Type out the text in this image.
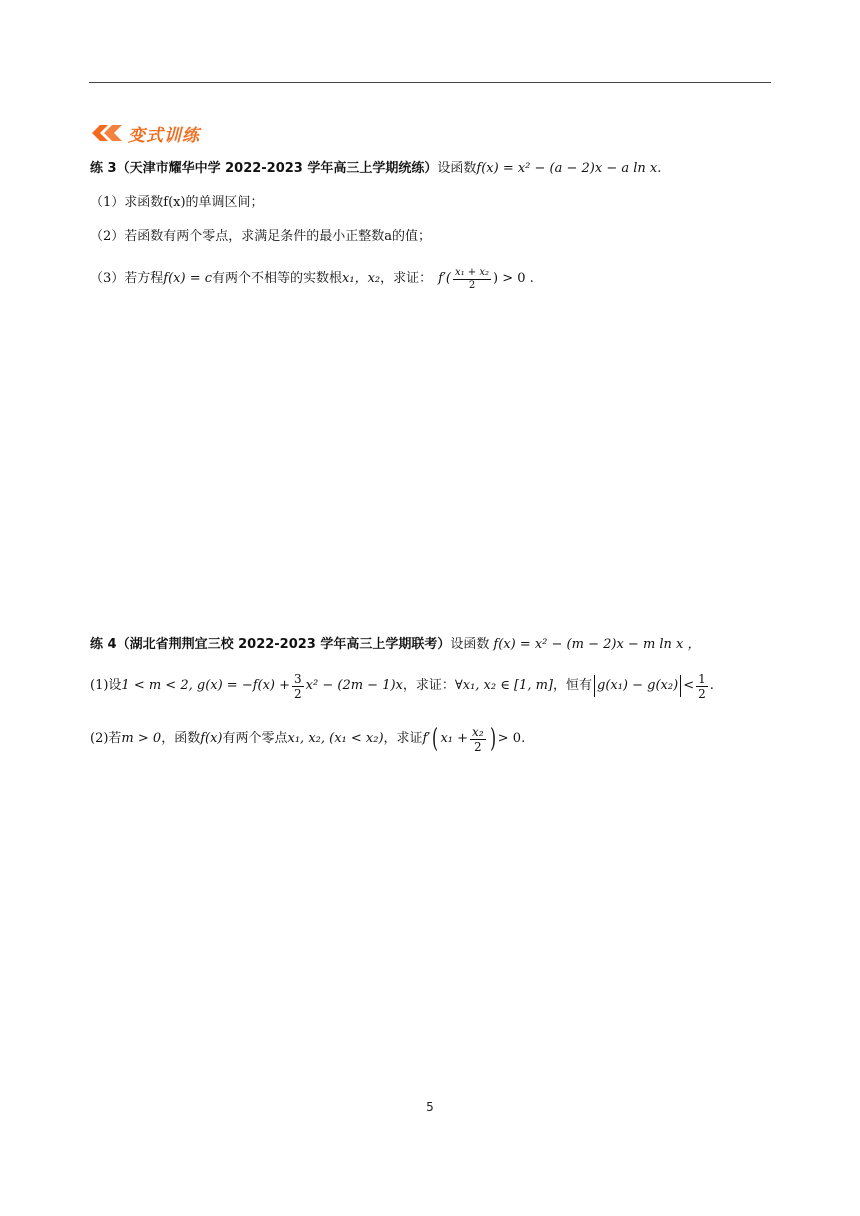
变式训练
练 3（天津市耀华中学 2022-2023 学年高三上学期统练） 设函数 f(x) = x² − (a − 2)x − a ln x.
（1）求函数f(x)的单调区间；
（2）若函数有两个零点，求满足条件的最小正整数a的值；
（3）若方程 f(x) = c 有两个不相等的实数根 x₁，x₂ ，求证： $f'( \frac{\text{x₁ + x₂}}{2}$ ) > 0 .
练 4（湖北省荆荆宜三校 2022-2023 学年高三上学期联考） 设函数 f(x) = x² − (m − 2)x − m ln x ，
(1)设 1 < m < 2, $g(x) = -f(x) + \frac{3}{2} x^2 - (2m - 1)x$ ，求证： ∀x₁, x₂ ∈ [1, m] ，恒有 $g(x_1) - g(x_2) < \frac{1}{2}$ .
(2)若 m > 0 ，函数 f(x) 有两个零点 x₁, x₂, (x₁ < x₂) ，求证 f′ ( $x_1 + \frac{\text{x₂}}{2}$ ) > 0.
5
